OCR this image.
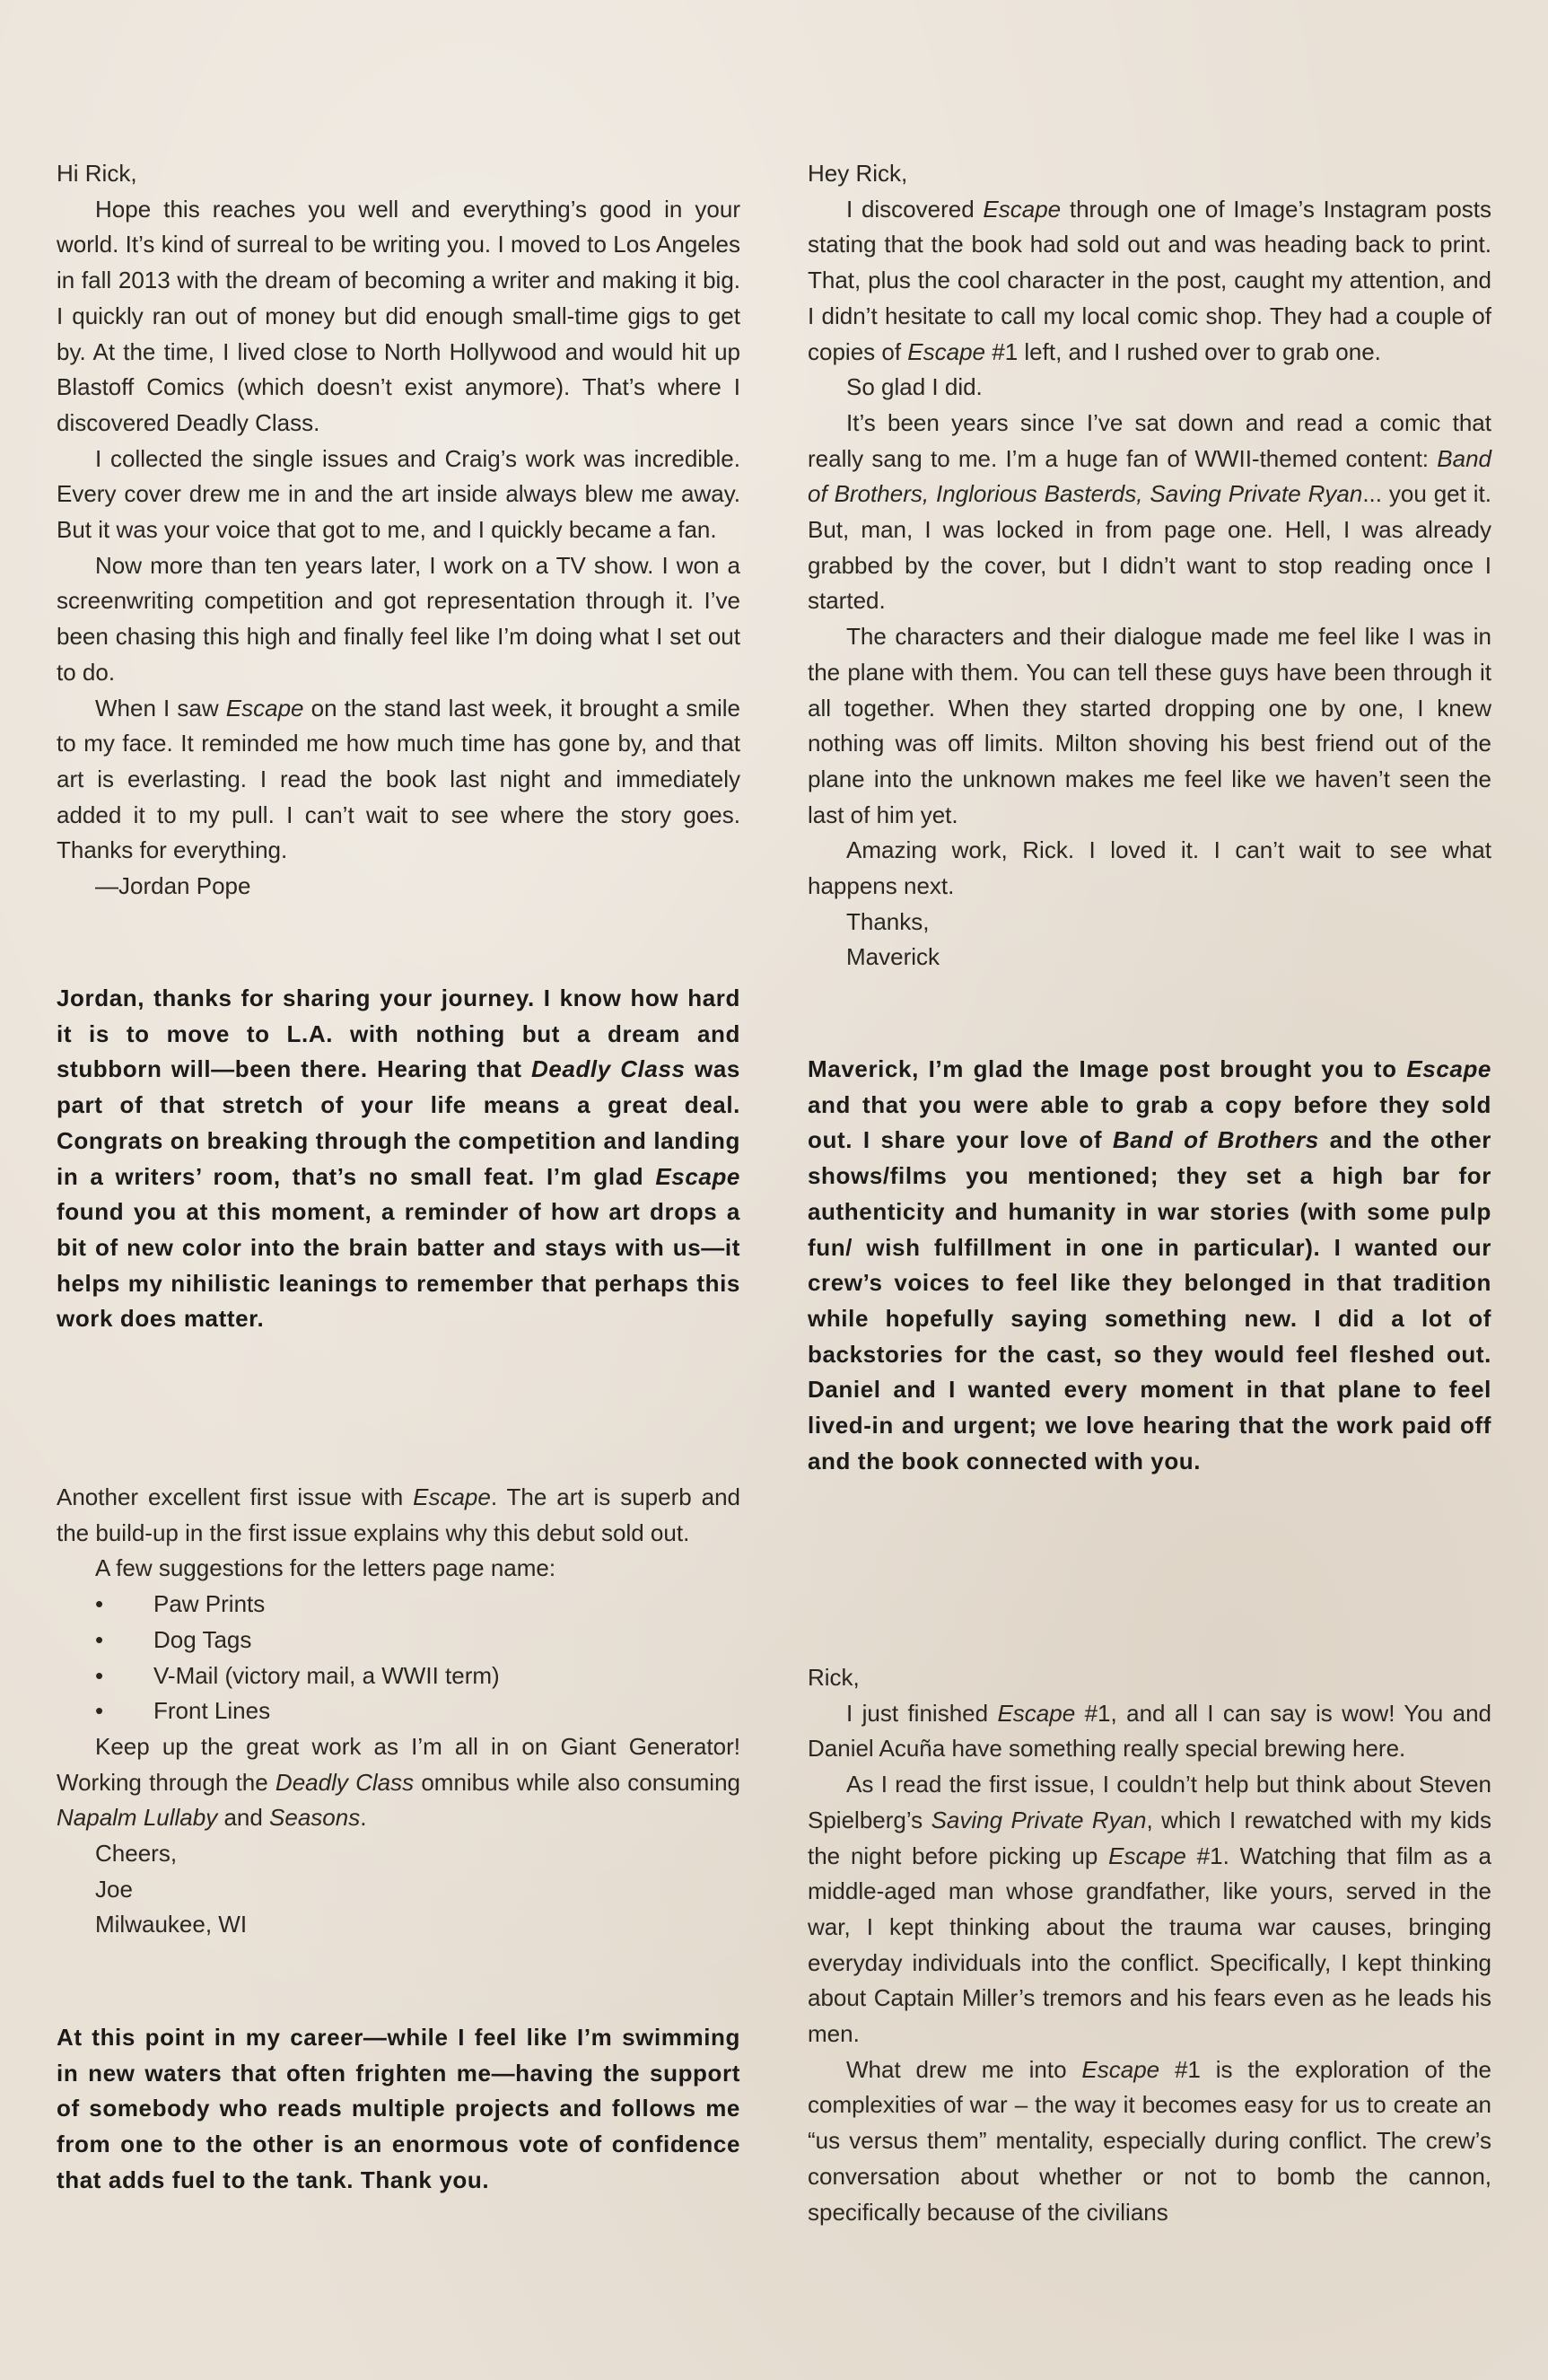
Hi Rick,

Hope this reaches you well and everything’s good in your world. It’s kind of surreal to be writing you. I moved to Los Angeles in fall 2013 with the dream of becoming a writer and making it big. I quickly ran out of money but did enough small-time gigs to get by. At the time, I lived close to North Hollywood and would hit up Blastoff Comics (which doesn’t exist anymore). That’s where I discovered Deadly Class.

I collected the single issues and Craig’s work was incredible. Every cover drew me in and the art inside always blew me away. But it was your voice that got to me, and I quickly became a fan.

Now more than ten years later, I work on a TV show. I won a screenwriting competition and got representation through it. I’ve been chasing this high and finally feel like I’m doing what I set out to do.

When I saw Escape on the stand last week, it brought a smile to my face. It reminded me how much time has gone by, and that art is everlasting. I read the book last night and immediately added it to my pull. I can’t wait to see where the story goes. Thanks for everything.

—Jordan Pope

Jordan, thanks for sharing your journey. I know how hard it is to move to L.A. with nothing but a dream and stubborn will—been there. Hearing that Deadly Class was part of that stretch of your life means a great deal. Congrats on breaking through the competition and landing in a writers’ room, that’s no small feat. I’m glad Escape found you at this moment, a reminder of how art drops a bit of new color into the brain batter and stays with us—it helps my nihilistic leanings to remember that perhaps this work does matter.

Another excellent first issue with Escape. The art is superb and the build-up in the first issue explains why this debut sold out.

A few suggestions for the letters page name:

• Paw Prints
• Dog Tags
• V-Mail (victory mail, a WWII term)
• Front Lines

Keep up the great work as I’m all in on Giant Generator! Working through the Deadly Class omnibus while also consuming Napalm Lullaby and Seasons.

Cheers,

Joe

Milwaukee, WI

At this point in my career—while I feel like I’m swimming in new waters that often frighten me—having the support of somebody who reads multiple projects and follows me from one to the other is an enormous vote of confidence that adds fuel to the tank. Thank you.

Hey Rick,

I discovered Escape through one of Image’s Instagram posts stating that the book had sold out and was heading back to print. That, plus the cool character in the post, caught my attention, and I didn’t hesitate to call my local comic shop. They had a couple of copies of Escape #1 left, and I rushed over to grab one.

So glad I did.

It’s been years since I’ve sat down and read a comic that really sang to me. I’m a huge fan of WWII-themed content: Band of Brothers, Inglorious Basterds, Saving Private Ryan... you get it. But, man, I was locked in from page one. Hell, I was already grabbed by the cover, but I didn’t want to stop reading once I started.

The characters and their dialogue made me feel like I was in the plane with them. You can tell these guys have been through it all together. When they started dropping one by one, I knew nothing was off limits. Milton shoving his best friend out of the plane into the unknown makes me feel like we haven’t seen the last of him yet.

Amazing work, Rick. I loved it. I can’t wait to see what happens next.

Thanks,

Maverick

Maverick, I’m glad the Image post brought you to Escape and that you were able to grab a copy before they sold out. I share your love of Band of Brothers and the other shows/films you mentioned; they set a high bar for authenticity and humanity in war stories (with some pulp fun/ wish fulfillment in one in particular). I wanted our crew’s voices to feel like they belonged in that tradition while hopefully saying something new. I did a lot of backstories for the cast, so they would feel fleshed out. Daniel and I wanted every moment in that plane to feel lived-in and urgent; we love hearing that the work paid off and the book connected with you.

Rick,

I just finished Escape #1, and all I can say is wow! You and Daniel Acuña have something really special brewing here.

As I read the first issue, I couldn’t help but think about Steven Spielberg’s Saving Private Ryan, which I rewatched with my kids the night before picking up Escape #1. Watching that film as a middle-aged man whose grandfather, like yours, served in the war, I kept thinking about the trauma war causes, bringing everyday individuals into the conflict. Specifically, I kept thinking about Captain Miller’s tremors and his fears even as he leads his men.

What drew me into Escape #1 is the exploration of the complexities of war – the way it becomes easy for us to create an “us versus them” mentality, especially during conflict. The crew’s conversation about whether or not to bomb the cannon, specifically because of the civilians
